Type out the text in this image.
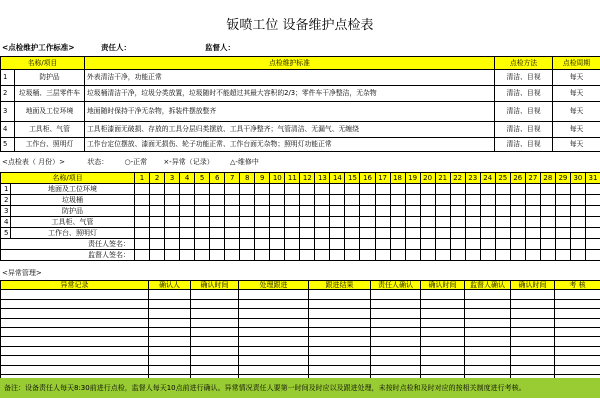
钣喷工位 设备维护点检表
<点检维护工作标准>	责任人：	监督人：
名称/项目		点检维护标准	点检方法	点检周期
1	防护品	外表清洁干净，功能正常	清洁、目视	每天
2	垃圾桶、三层零件车	垃圾桶清洁干净，垃圾分类放置，垃圾随时不能超过其最大容积的2/3；零件车干净整洁，无杂物	清洁、目视	每天
3	地面及工位环境	地面随时保持干净无杂物，拆装件摆放整齐	清洁、目视	每天
4	工具柜、气管	工具柜漆面无破损、存放的工具分层归类摆放、工具干净整齐；气管清洁、无漏气、无缠绕	清洁、目视	每天
5	工作台、照明灯	工作台定位摆放、漆面无损伤、轮子功能正常、工作台面无杂物；照明灯功能正常	清洁、目视	每天
<点检表（ 月份）>	状态： ○-正常 ×-异常（记录） △-维修中
名称/项目		1	2	3	4	5	6	7	8	9	10	11	12	13	14	15	16	17	18	19	20	21	22	23	24	25	26	27	28	29	30	31
1	地面及工位环境																															
2	垃圾桶																															
3	防护品																															
4	工具柜、气管																															
5	工作台、照明灯																															
责任人签名：																																
监督人签名：																																
<异常管理>
异常记录	确认人	确认时间	处理跟进	跟进结果	责任人确认	确认时间	监督人确认	确认时间	考 核

备注：设备责任人每天8:30前进行点检，监督人每天10点前进行确认。异常情况责任人要第一时间及时应以及跟进处理，未按时点检和及时对应的按相关制度进行考核。
